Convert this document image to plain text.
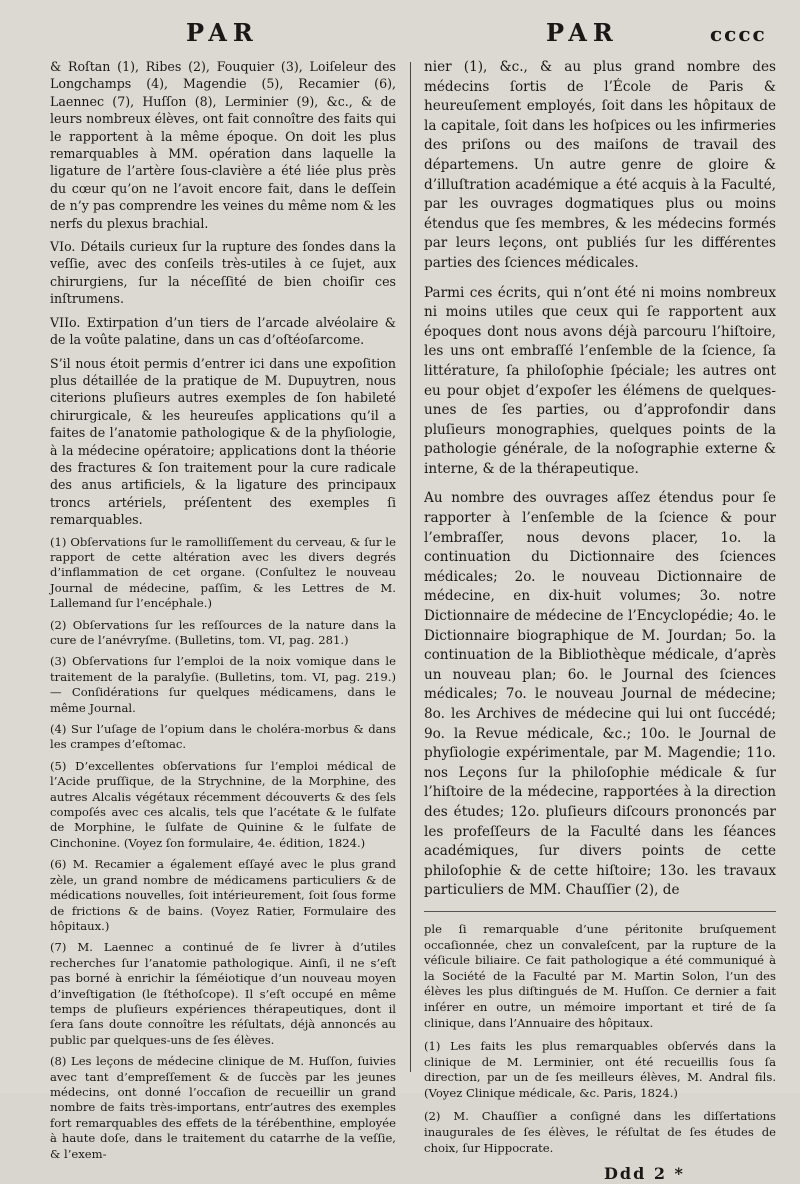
PAR	PAR	cccc

& Roſtan (1), Ribes (2), Fouquier (3), Loiſeleur des Longchamps (4), Magendie (5), Recamier (6), Laennec (7), Huſſon (8), Lerminier (9), &c., & de leurs nombreux élèves, ont fait connoître des faits qui le rapportent à la même époque. On doit les plus remarquables à MM. opération dans laquelle la ligature de l’artère ſous-clavière a été liée plus près du cœur qu’on ne l’avoit encore fait, dans le deſſein de n’y pas comprendre les veines du même nom & les nerfs du plexus brachial.

VIo. Détails curieux ſur la rupture des ſondes dans la veſſie, avec des conſeils très-utiles à ce ſujet, aux chirurgiens, ſur la néceſſité de bien choiſir ces inſtrumens.

VIIo. Extirpation d’un tiers de l’arcade alvéolaire & de la voûte palatine, dans un cas d’oſtéoſarcome.

S’il nous étoit permis d’entrer ici dans une expoſition plus détaillée de la pratique de M. Dupuytren, nous citerions pluſieurs autres exemples de ſon habileté chirurgicale, & les heureuſes applications qu’il a faites de l’anatomie pathologique & de la phyſiologie, à la médecine opératoire; applications dont la théorie des fractures & ſon traitement pour la cure radicale des anus artificiels, & la ligature des principaux troncs artériels, préſentent des exemples ſi remarquables.

(1) Obſervations ſur le ramolliſſement du cerveau, & ſur le rapport de cette altération avec les divers degrés d’inflammation de cet organe. (Conſultez le nouveau Journal de médecine, paſſim, & les Lettres de M. Lallemand ſur l’encéphale.)

(2) Obſervations ſur les reſſources de la nature dans la cure de l’anévryſme. (Bulletins, tom. VI, pag. 281.)

(3) Obſervations ſur l’emploi de la noix vomique dans le traitement de la paralyſie. (Bulletins, tom. VI, pag. 219.) — Conſidérations ſur quelques médicamens, dans le même Journal.

(4) Sur l’uſage de l’opium dans le choléra-morbus & dans les crampes d’eſtomac.

(5) D’excellentes obſervations ſur l’emploi médical de l’Acide pruſſique, de la Strychnine, de la Morphine, des autres Alcalis végétaux récemment découverts & des ſels compoſés avec ces alcalis, tels que l’acétate & le ſulfate de Morphine, le ſulfate de Quinine & le ſulfate de Cinchonine. (Voyez ſon formulaire, 4e. édition, 1824.)

(6) M. Recamier a également eſſayé avec le plus grand zèle, un grand nombre de médicamens particuliers & de médications nouvelles, ſoit intérieurement, ſoit ſous forme de frictions & de bains. (Voyez Ratier, Formulaire des hôpitaux.)

(7) M. Laennec a continué de ſe livrer à d’utiles recherches ſur l’anatomie pathologique. Ainſi, il ne s’eſt pas borné à enrichir la ſéméiotique d’un nouveau moyen d’inveſtigation (le ſtéthoſcope). Il s’eſt occupé en même temps de pluſieurs expériences thérapeutiques, dont il ſera ſans doute connoître les réſultats, déjà annoncés au public par quelques-uns de ſes élèves.

(8) Les leçons de médecine clinique de M. Huſſon, ſuivies avec tant d’empreſſement & de ſuccès par les jeunes médecins, ont donné l’occaſion de recueillir un grand nombre de faits très-importans, entr’autres des exemples fort remarquables des effets de la térébenthine, employée à haute doſe, dans le traitement du catarrhe de la veſſie, & l’exem-

nier (1), &c., & au plus grand nombre des médecins ſortis de l’École de Paris & heureuſement employés, ſoit dans les hôpitaux de la capitale, ſoit dans les hoſpices ou les infirmeries des priſons ou des maiſons de travail des départemens. Un autre genre de gloire & d’illuſtration académique a été acquis à la Faculté, par les ouvrages dogmatiques plus ou moins étendus que ſes membres, & les médecins formés par leurs leçons, ont publiés ſur les différentes parties des ſciences médicales.

Parmi ces écrits, qui n’ont été ni moins nombreux ni moins utiles que ceux qui ſe rapportent aux époques dont nous avons déjà parcouru l’hiſtoire, les uns ont embraſſé l’enſemble de la ſcience, ſa littérature, ſa philoſophie ſpéciale; les autres ont eu pour objet d’expoſer les élémens de quelques-unes de ſes parties, ou d’approfondir dans pluſieurs monographies, quelques points de la pathologie générale, de la noſographie externe & interne, & de la thérapeutique.

Au nombre des ouvrages aſſez étendus pour ſe rapporter à l’enſemble de la ſcience & pour l’embraſſer, nous devons placer, 1o. la continuation du Dictionnaire des ſciences médicales; 2o. le nouveau Dictionnaire de médecine, en dix-huit volumes; 3o. notre Dictionnaire de médecine de l’Encyclopédie; 4o. le Dictionnaire biographique de M. Jourdan; 5o. la continuation de la Bibliothèque médicale, d’après un nouveau plan; 6o. le Journal des ſciences médicales; 7o. le nouveau Journal de médecine; 8o. les Archives de médecine qui lui ont ſuccédé; 9o. la Revue médicale, &c.; 10o. le Journal de phyſiologie expérimentale, par M. Magendie; 11o. nos Leçons ſur la philoſophie médicale & ſur l’hiſtoire de la médecine, rapportées à la direction des études; 12o. pluſieurs diſcours prononcés par les profeſſeurs de la Faculté dans les ſéances académiques, ſur divers points de cette philoſophie & de cette hiſtoire; 13o. les travaux particuliers de MM. Chauſſier (2), de

ple ſi remarquable d’une péritonite bruſquement occaſionnée, chez un convaleſcent, par la rupture de la véſicule biliaire. Ce fait pathologique a été communiqué à la Société de la Faculté par M. Martin Solon, l’un des élèves les plus diſtingués de M. Huſſon. Ce dernier a fait inſérer en outre, un mémoire important et tiré de ſa clinique, dans l’Annuaire des hôpitaux.

(1) Les faits les plus remarquables obſervés dans la clinique de M. Lerminier, ont été recueillis ſous ſa direction, par un de ſes meilleurs élèves, M. Andral fils. (Voyez Clinique médicale, &c. Paris, 1824.)

(2) M. Chauſſier a conſigné dans les diſſertations inaugurales de ſes élèves, le réſultat de ſes études de choix, ſur Hippocrate.

Ddd 2 *
